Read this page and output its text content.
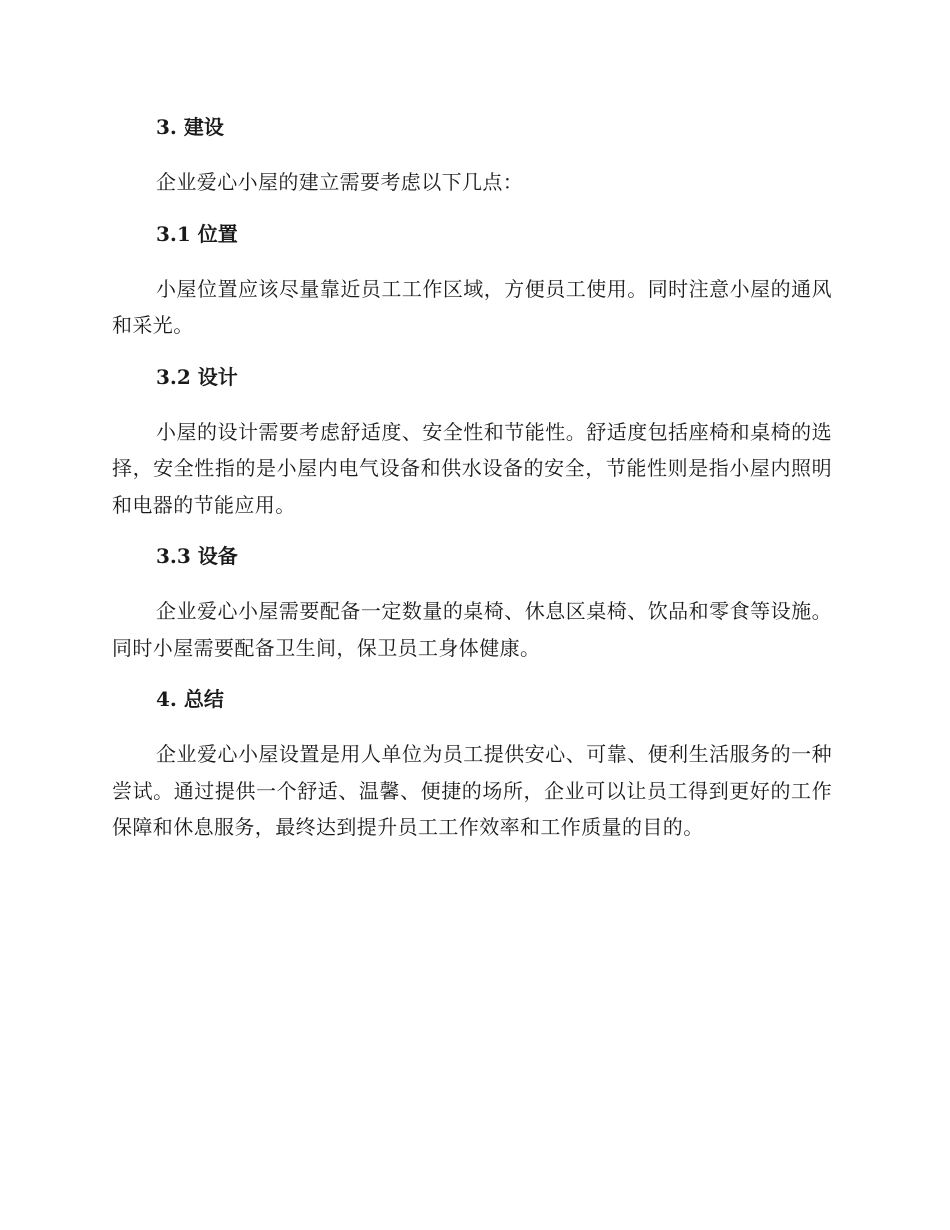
3. 建设

企业爱心小屋的建立需要考虑以下几点：

3.1 位置

小屋位置应该尽量靠近员工工作区域，方便员工使用。同时注意小屋的通风和采光。

3.2 设计

小屋的设计需要考虑舒适度、安全性和节能性。舒适度包括座椅和桌椅的选择，安全性指的是小屋内电气设备和供水设备的安全，节能性则是指小屋内照明和电器的节能应用。

3.3 设备

企业爱心小屋需要配备一定数量的桌椅、休息区桌椅、饮品和零食等设施。同时小屋需要配备卫生间，保卫员工身体健康。

4. 总结

企业爱心小屋设置是用人单位为员工提供安心、可靠、便利生活服务的一种尝试。通过提供一个舒适、温馨、便捷的场所，企业可以让员工得到更好的工作保障和休息服务，最终达到提升员工工作效率和工作质量的目的。
